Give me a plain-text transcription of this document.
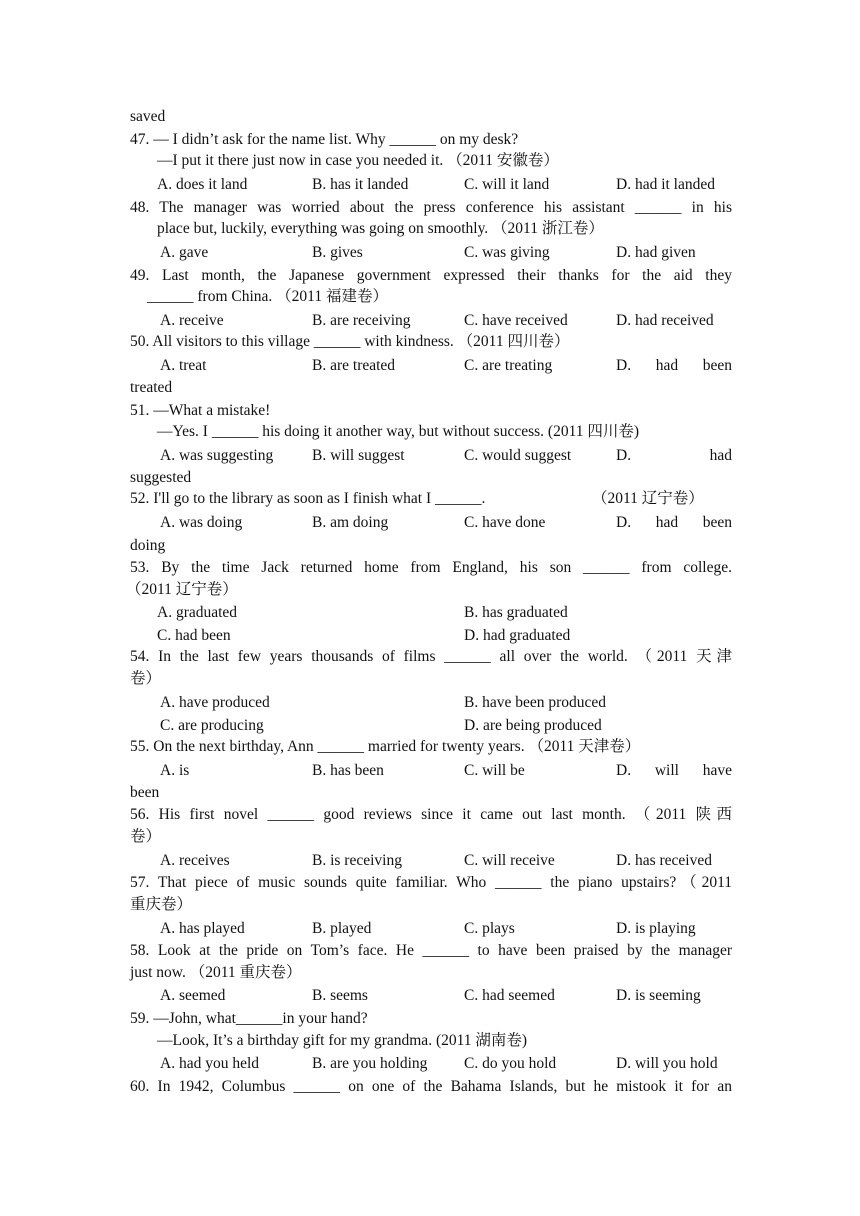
saved
47. — I didn’t ask for the name list. Why ______ on my desk?
—I put it there just now in case you needed it. （2011 安徽卷）
A. does it land	B. has it landed	C. will it land	D. had it landed
48. The manager was worried about the press conference his assistant ______ in his
place but, luckily, everything was going on smoothly. （2011 浙江卷）
A. gave	B. gives	C. was giving	D. had given
49. Last month, the Japanese government expressed their thanks for the aid they
______ from China. （2011 福建卷）
A. receive	B. are receiving	C. have received	D. had received
50. All visitors to this village ______ with kindness. （2011 四川卷）
A. treat	B. are treated	C. are treating	D. had been
treated
51. —What a mistake!
—Yes. I ______ his doing it another way, but without success. (2011 四川卷)
A. was suggesting	B. will suggest	C. would suggest	D. had
suggested
52. I'll go to the library as soon as I finish what I ______.	（2011 辽宁卷）
A. was doing	B. am doing	C. have done	D. had been
doing
53. By the time Jack returned home from England, his son ______ from college.
（2011 辽宁卷）
A. graduated	B. has graduated
C. had been	D. had graduated
54. In the last few years thousands of films ______ all over the world. （2011 天津
卷）
A. have produced	B. have been produced
C. are producing	D. are being produced
55. On the next birthday, Ann ______ married for twenty years. （2011 天津卷）
A. is	B. has been	C. will be	D. will have
been
56. His first novel ______ good reviews since it came out last month. （2011 陕西
卷）
A. receives	B. is receiving	C. will receive	D. has received
57. That piece of music sounds quite familiar. Who ______ the piano upstairs?（2011
重庆卷）
A. has played	B. played	C. plays	D. is playing
58. Look at the pride on Tom’s face. He ______ to have been praised by the manager
just now. （2011 重庆卷）
A. seemed	B. seems	C. had seemed	D. is seeming
59. —John, what______in your hand?
—Look, It’s a birthday gift for my grandma. (2011 湖南卷)
A. had you held	B. are you holding C. do you hold	D. will you hold
60. In 1942, Columbus ______ on one of the Bahama Islands, but he mistook it for an
